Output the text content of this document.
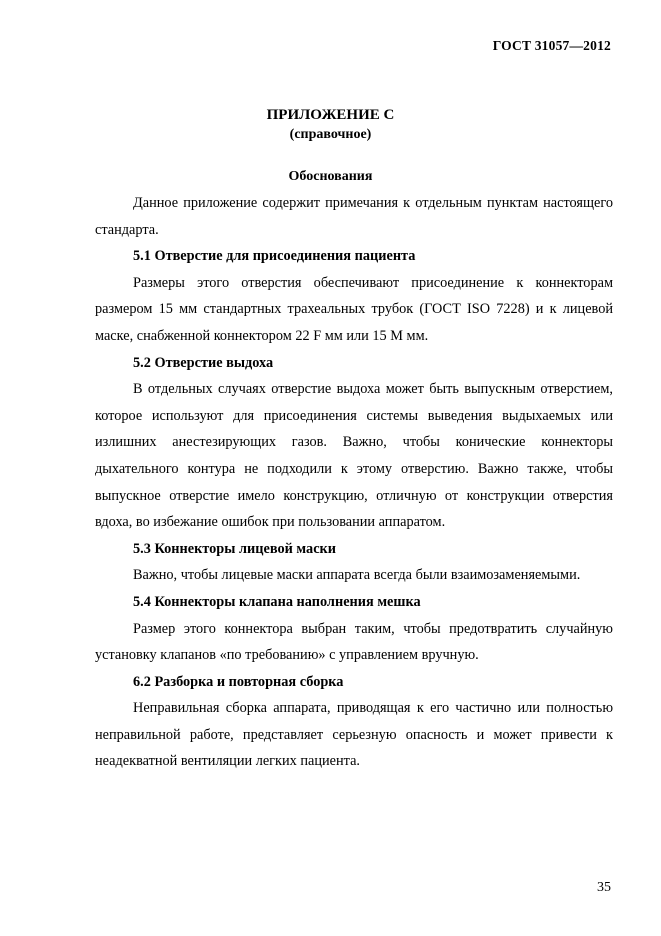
ГОСТ 31057—2012
ПРИЛОЖЕНИЕ С
(справочное)
Обоснования

Данное приложение содержит примечания к отдельным пунктам настоящего стандарта.

5.1 Отверстие для присоединения пациента

Размеры этого отверстия обеспечивают присоединение к коннекторам размером 15 мм стандартных трахеальных трубок (ГОСТ ISO 7228) и к лицевой маске, снабженной коннектором 22 F мм или 15 М мм.

5.2 Отверстие выдоха

В отдельных случаях отверстие выдоха может быть выпускным отверстием, которое используют для присоединения системы выведения выдыхаемых или излишних анестезирующих газов. Важно, чтобы конические коннекторы дыхательного контура не подходили к этому отверстию. Важно также, чтобы выпускное отверстие имело конструкцию, отличную от конструкции отверстия вдоха, во избежание ошибок при пользовании аппаратом.

5.3 Коннекторы лицевой маски

Важно, чтобы лицевые маски аппарата всегда были взаимозаменяемыми.

5.4 Коннекторы клапана наполнения мешка

Размер этого коннектора выбран таким, чтобы предотвратить случайную установку клапанов «по требованию» с управлением вручную.

6.2 Разборка и повторная сборка

Неправильная сборка аппарата, приводящая к его частично или полностью неправильной работе, представляет серьезную опасность и может привести к неадекватной вентиляции легких пациента.

35
